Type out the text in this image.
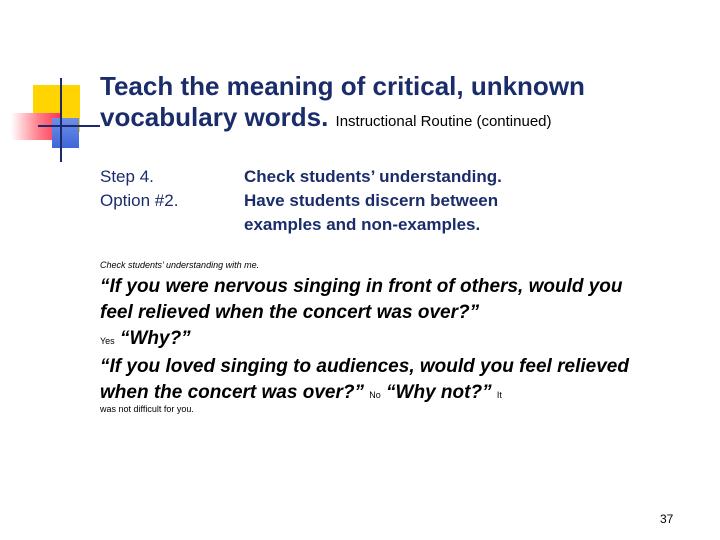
Teach the meaning of critical, unknown vocabulary words. Instructional Routine (continued)
Step 4.
Option #2.
Check students’ understanding.
Have students discern between examples and non-examples.
Check students’ understanding with me.
“If you were nervous singing in front of others, would you feel relieved when the concert was over?”
Yes “Why?”
“If you loved singing to audiences, would you feel relieved when the concert was over?” No “Why not?” It
was not difficult for you.
37
